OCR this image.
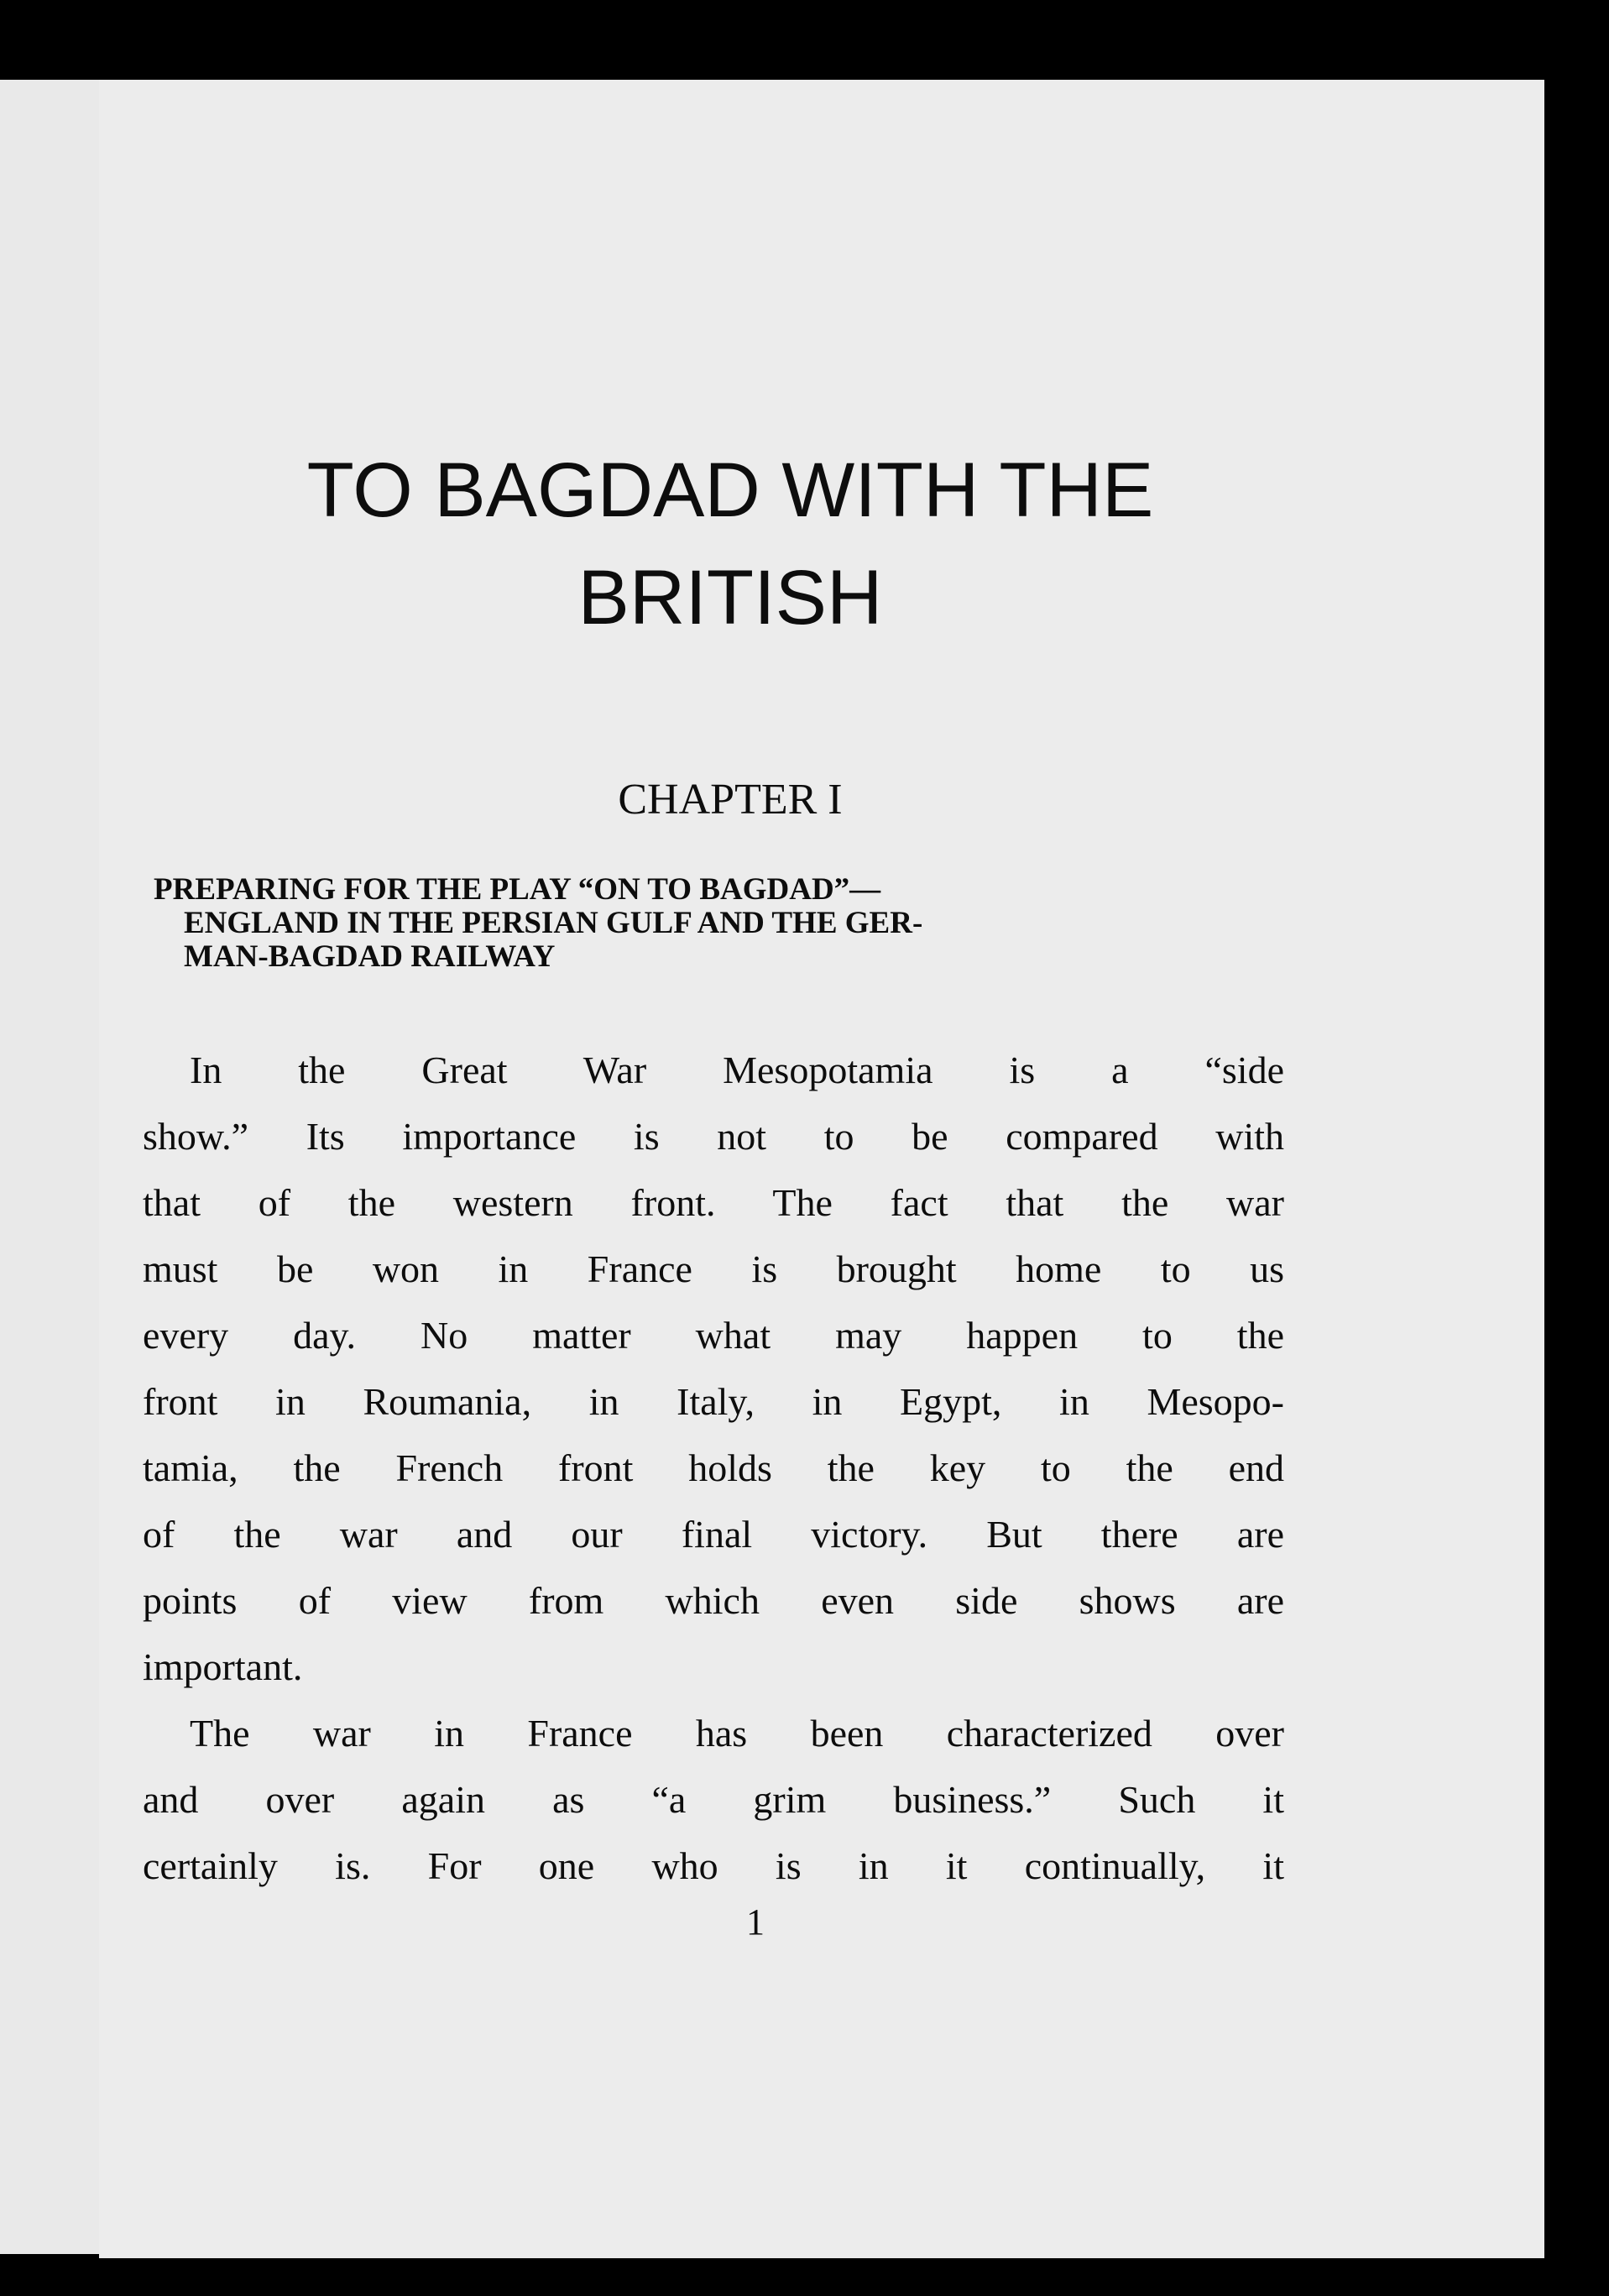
TO BAGDAD WITH THE
BRITISH
CHAPTER I
PREPARING FOR THE PLAY “ON TO BAGDAD”—
ENGLAND IN THE PERSIAN GULF AND THE GER-
MAN-BAGDAD RAILWAY

In the Great War Mesopotamia is a “side
show.” Its importance is not to be compared with
that of the western front. The fact that the war
must be won in France is brought home to us
every day. No matter what may happen to the
front in Roumania, in Italy, in Egypt, in Mesopo-
tamia, the French front holds the key to the end
of the war and our final victory. But there are
points of view from which even side shows are
important.

The war in France has been characterized over
and over again as “a grim business.” Such it
certainly is. For one who is in it continually, it

1
